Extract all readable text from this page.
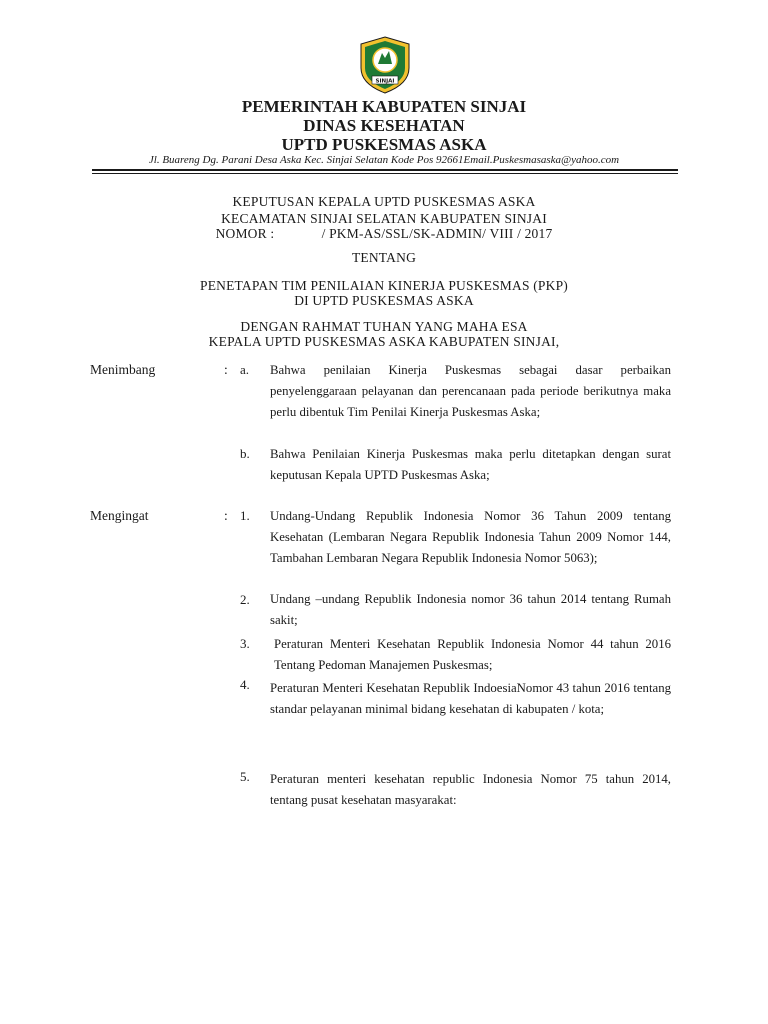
SINJAI
PEMERINTAH KABUPATEN SINJAI
DINAS KESEHATAN
UPTD PUSKESMAS ASKA
Jl. Buareng Dg. Parani Desa Aska Kec. Sinjai Selatan Kode Pos 92661Email.Puskesmasaska@yahoo.com
KEPUTUSAN KEPALA UPTD PUSKESMAS ASKA
KECAMATAN SINJAI SELATAN KABUPATEN SINJAI
NOMOR :	/ PKM-AS/SSL/SK-ADMIN/ VIII / 2017
TENTANG
PENETAPAN TIM PENILAIAN KINERJA PUSKESMAS (PKP)
DI UPTD PUSKESMAS ASKA
DENGAN RAHMAT TUHAN YANG MAHA ESA
KEPALA UPTD PUSKESMAS ASKA KABUPATEN SINJAI,
Menimbang	: a. Bahwa penilaian Kinerja Puskesmas sebagai dasar perbaikan penyelenggaraan pelayanan dan perencanaan pada periode berikutnya maka perlu dibentuk Tim Penilai Kinerja Puskesmas Aska;
b. Bahwa Penilaian Kinerja Puskesmas maka perlu ditetapkan dengan surat keputusan Kepala UPTD Puskesmas Aska;
Mengingat	: 1. Undang-Undang Republik Indonesia Nomor 36 Tahun 2009 tentang Kesehatan (Lembaran Negara Republik Indonesia Tahun 2009 Nomor 144, Tambahan Lembaran Negara Republik Indonesia Nomor 5063);
2. Undang –undang Republik Indonesia nomor 36 tahun 2014 tentang Rumah sakit;
3. Peraturan Menteri Kesehatan Republik Indonesia Nomor 44 tahun 2016 Tentang Pedoman Manajemen Puskesmas;
4. Peraturan Menteri Kesehatan Republik IndoesiaNomor 43 tahun 2016 tentang standar pelayanan minimal bidang kesehatan di kabupaten / kota;
5. Peraturan menteri kesehatan republic Indonesia Nomor 75 tahun 2014, tentang pusat kesehatan masyarakat:
